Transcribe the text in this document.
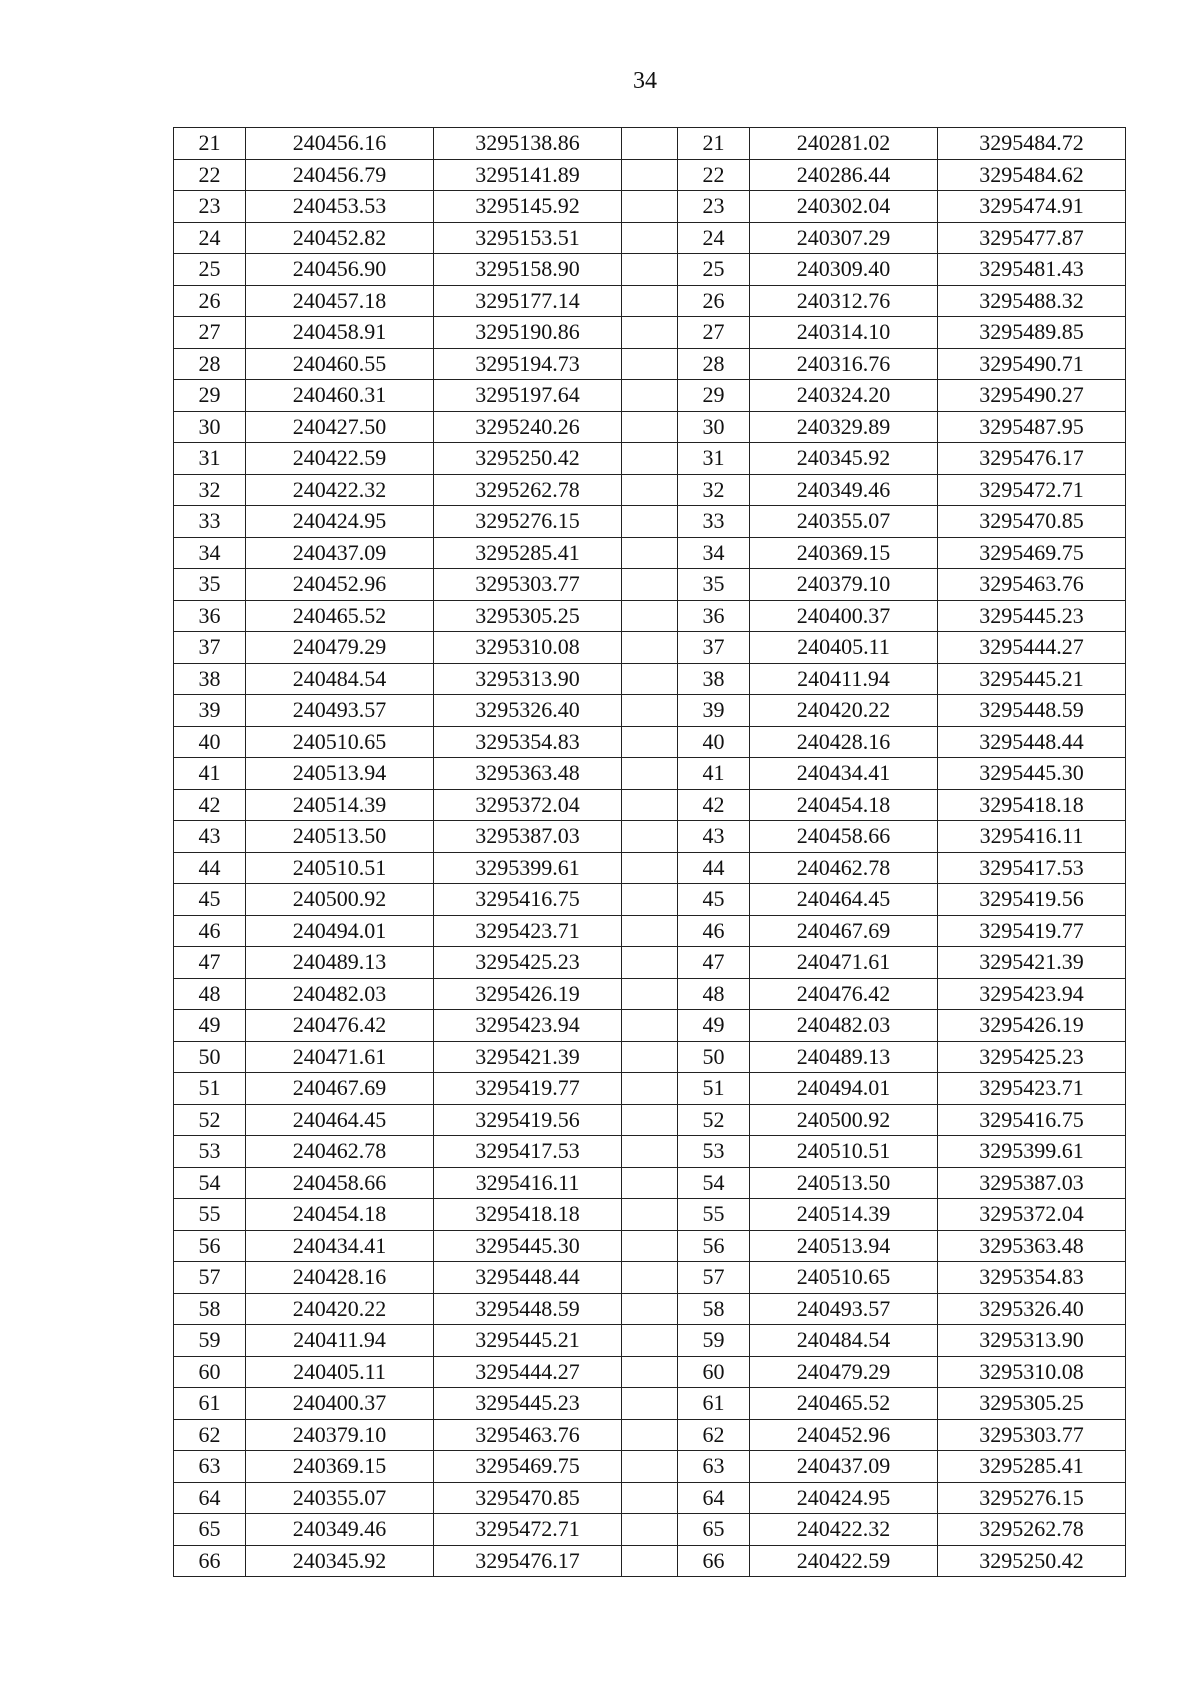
34
21	240456.16	3295138.86		21	240281.02	3295484.72
22	240456.79	3295141.89		22	240286.44	3295484.62
23	240453.53	3295145.92		23	240302.04	3295474.91
24	240452.82	3295153.51		24	240307.29	3295477.87
25	240456.90	3295158.90		25	240309.40	3295481.43
26	240457.18	3295177.14		26	240312.76	3295488.32
27	240458.91	3295190.86		27	240314.10	3295489.85
28	240460.55	3295194.73		28	240316.76	3295490.71
29	240460.31	3295197.64		29	240324.20	3295490.27
30	240427.50	3295240.26		30	240329.89	3295487.95
31	240422.59	3295250.42		31	240345.92	3295476.17
32	240422.32	3295262.78		32	240349.46	3295472.71
33	240424.95	3295276.15		33	240355.07	3295470.85
34	240437.09	3295285.41		34	240369.15	3295469.75
35	240452.96	3295303.77		35	240379.10	3295463.76
36	240465.52	3295305.25		36	240400.37	3295445.23
37	240479.29	3295310.08		37	240405.11	3295444.27
38	240484.54	3295313.90		38	240411.94	3295445.21
39	240493.57	3295326.40		39	240420.22	3295448.59
40	240510.65	3295354.83		40	240428.16	3295448.44
41	240513.94	3295363.48		41	240434.41	3295445.30
42	240514.39	3295372.04		42	240454.18	3295418.18
43	240513.50	3295387.03		43	240458.66	3295416.11
44	240510.51	3295399.61		44	240462.78	3295417.53
45	240500.92	3295416.75		45	240464.45	3295419.56
46	240494.01	3295423.71		46	240467.69	3295419.77
47	240489.13	3295425.23		47	240471.61	3295421.39
48	240482.03	3295426.19		48	240476.42	3295423.94
49	240476.42	3295423.94		49	240482.03	3295426.19
50	240471.61	3295421.39		50	240489.13	3295425.23
51	240467.69	3295419.77		51	240494.01	3295423.71
52	240464.45	3295419.56		52	240500.92	3295416.75
53	240462.78	3295417.53		53	240510.51	3295399.61
54	240458.66	3295416.11		54	240513.50	3295387.03
55	240454.18	3295418.18		55	240514.39	3295372.04
56	240434.41	3295445.30		56	240513.94	3295363.48
57	240428.16	3295448.44		57	240510.65	3295354.83
58	240420.22	3295448.59		58	240493.57	3295326.40
59	240411.94	3295445.21		59	240484.54	3295313.90
60	240405.11	3295444.27		60	240479.29	3295310.08
61	240400.37	3295445.23		61	240465.52	3295305.25
62	240379.10	3295463.76		62	240452.96	3295303.77
63	240369.15	3295469.75		63	240437.09	3295285.41
64	240355.07	3295470.85		64	240424.95	3295276.15
65	240349.46	3295472.71		65	240422.32	3295262.78
66	240345.92	3295476.17		66	240422.59	3295250.42
